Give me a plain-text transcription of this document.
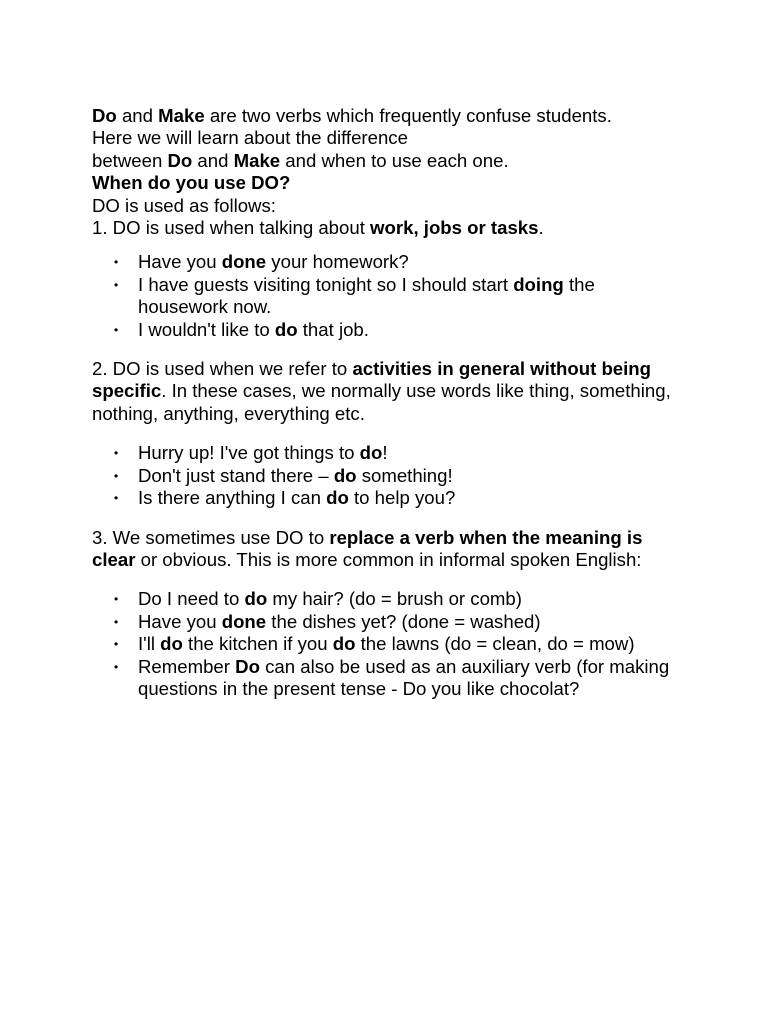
Do and Make are two verbs which frequently confuse students.

Here we will learn about the difference

between Do and Make and when to use each one.

When do you use DO?

DO is used as follows:

1. DO is used when talking about work, jobs or tasks.

• Have you done your homework?
• I have guests visiting tonight so I should start doing the housework now.
• I wouldn't like to do that job.

2. DO is used when we refer to activities in general without being specific. In these cases, we normally use words like thing, something, nothing, anything, everything etc.

• Hurry up! I've got things to do!
• Don't just stand there – do something!
• Is there anything I can do to help you?

3. We sometimes use DO to replace a verb when the meaning is clear or obvious. This is more common in informal spoken English:

• Do I need to do my hair? (do = brush or comb)
• Have you done the dishes yet? (done = washed)
• I'll do the kitchen if you do the lawns (do = clean, do = mow)
• Remember Do can also be used as an auxiliary verb (for making questions in the present tense - Do you like chocolat?
